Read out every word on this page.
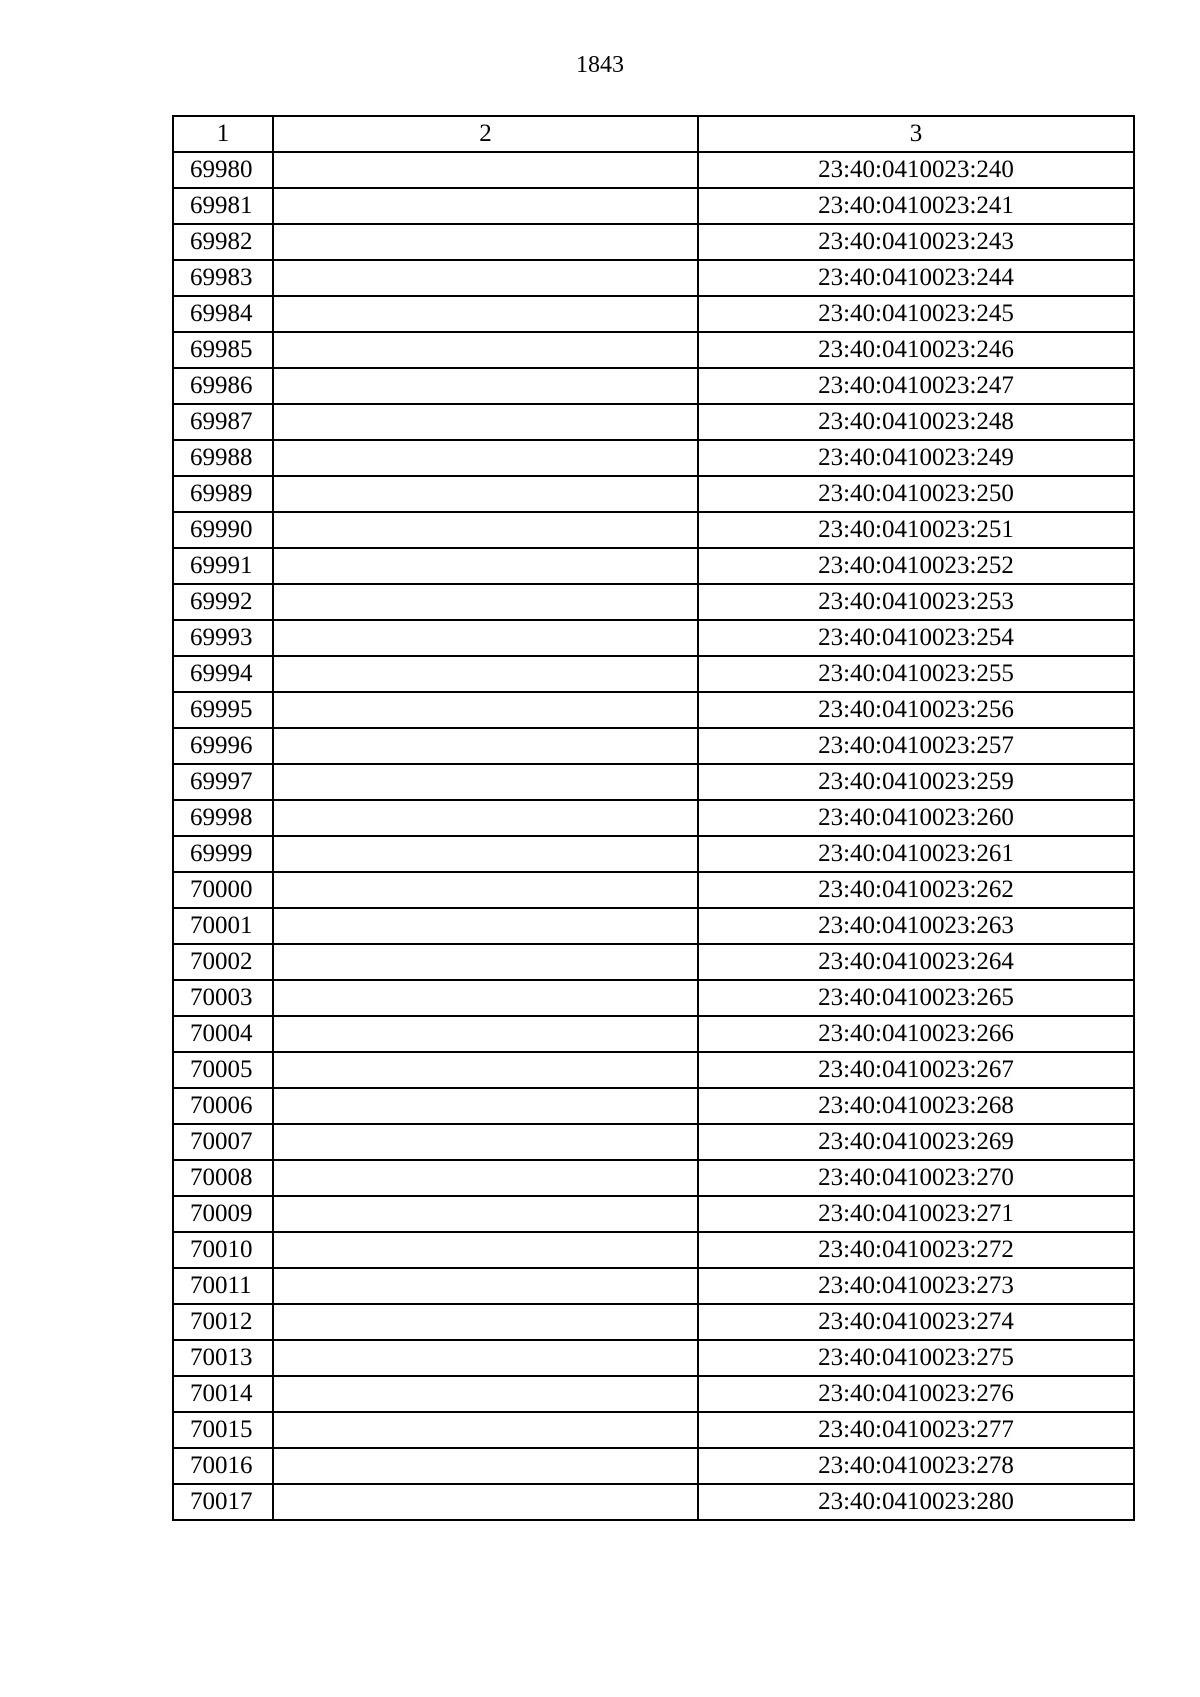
1843
1	2	3
69980		23:40:0410023:240
69981		23:40:0410023:241
69982		23:40:0410023:243
69983		23:40:0410023:244
69984		23:40:0410023:245
69985		23:40:0410023:246
69986		23:40:0410023:247
69987		23:40:0410023:248
69988		23:40:0410023:249
69989		23:40:0410023:250
69990		23:40:0410023:251
69991		23:40:0410023:252
69992		23:40:0410023:253
69993		23:40:0410023:254
69994		23:40:0410023:255
69995		23:40:0410023:256
69996		23:40:0410023:257
69997		23:40:0410023:259
69998		23:40:0410023:260
69999		23:40:0410023:261
70000		23:40:0410023:262
70001		23:40:0410023:263
70002		23:40:0410023:264
70003		23:40:0410023:265
70004		23:40:0410023:266
70005		23:40:0410023:267
70006		23:40:0410023:268
70007		23:40:0410023:269
70008		23:40:0410023:270
70009		23:40:0410023:271
70010		23:40:0410023:272
70011		23:40:0410023:273
70012		23:40:0410023:274
70013		23:40:0410023:275
70014		23:40:0410023:276
70015		23:40:0410023:277
70016		23:40:0410023:278
70017		23:40:0410023:280
